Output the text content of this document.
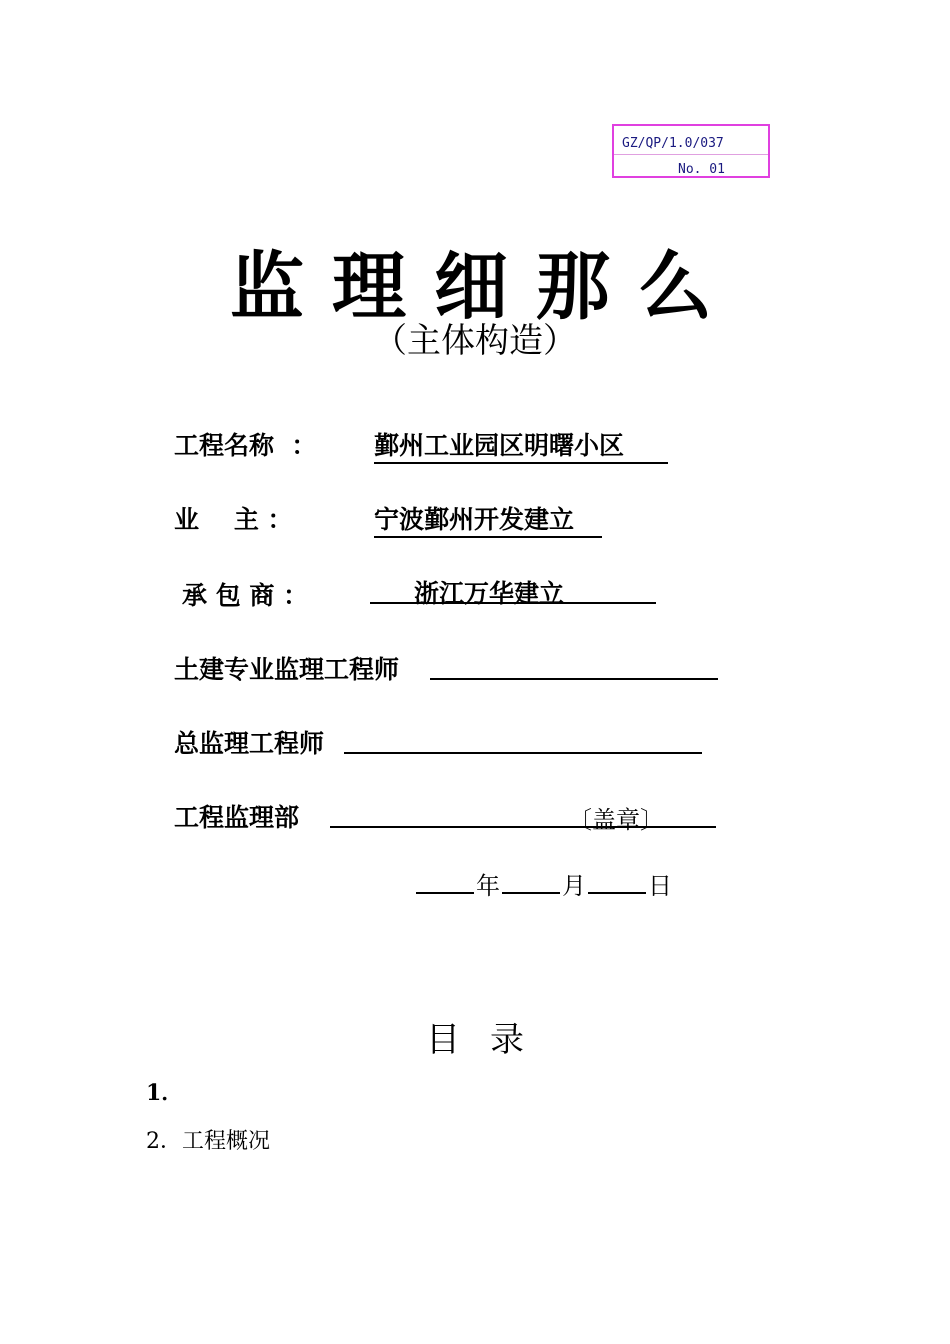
GZ/QP/1.0/037
No. 01
监理细那么
（主体构造）
工程名称  ： 鄞州工业园区明曙小区
业    主 ：	宁波鄞州开发建立
承 包 商 ：	浙江万华建立
土建专业监理工程师
总监理工程师
工程监理部	〔盖章〕
年	月	日
目录
1．
2．工程概况
